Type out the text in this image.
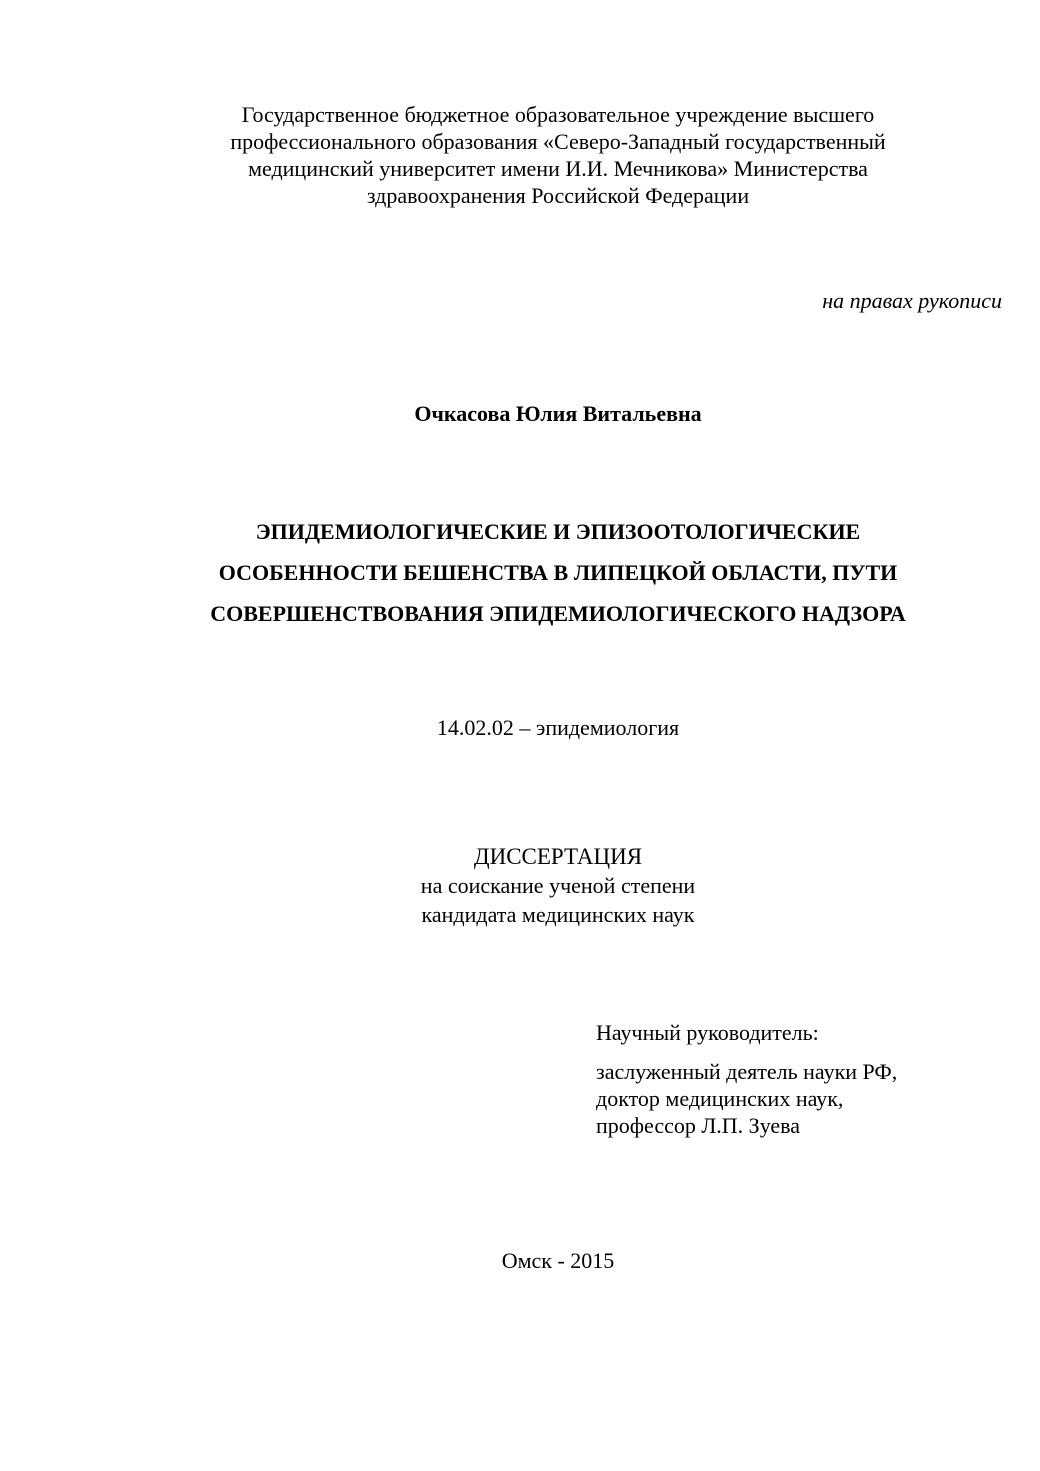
Государственное бюджетное образовательное учреждение высшего
профессионального образования «Северо-Западный государственный
медицинский университет имени И.И. Мечникова» Министерства
здравоохранения Российской Федерации
на правах рукописи
Очкасова Юлия Витальевна
ЭПИДЕМИОЛОГИЧЕСКИЕ И ЭПИЗООТОЛОГИЧЕСКИЕ
ОСОБЕННОСТИ БЕШЕНСТВА В ЛИПЕЦКОЙ ОБЛАСТИ, ПУТИ
СОВЕРШЕНСТВОВАНИЯ ЭПИДЕМИОЛОГИЧЕСКОГО НАДЗОРА
14.02.02 – эпидемиология
ДИССЕРТАЦИЯ
на соискание ученой степени
кандидата медицинских наук
Научный руководитель:
заслуженный деятель науки РФ,
доктор медицинских наук,
профессор Л.П. Зуева
Омск - 2015
